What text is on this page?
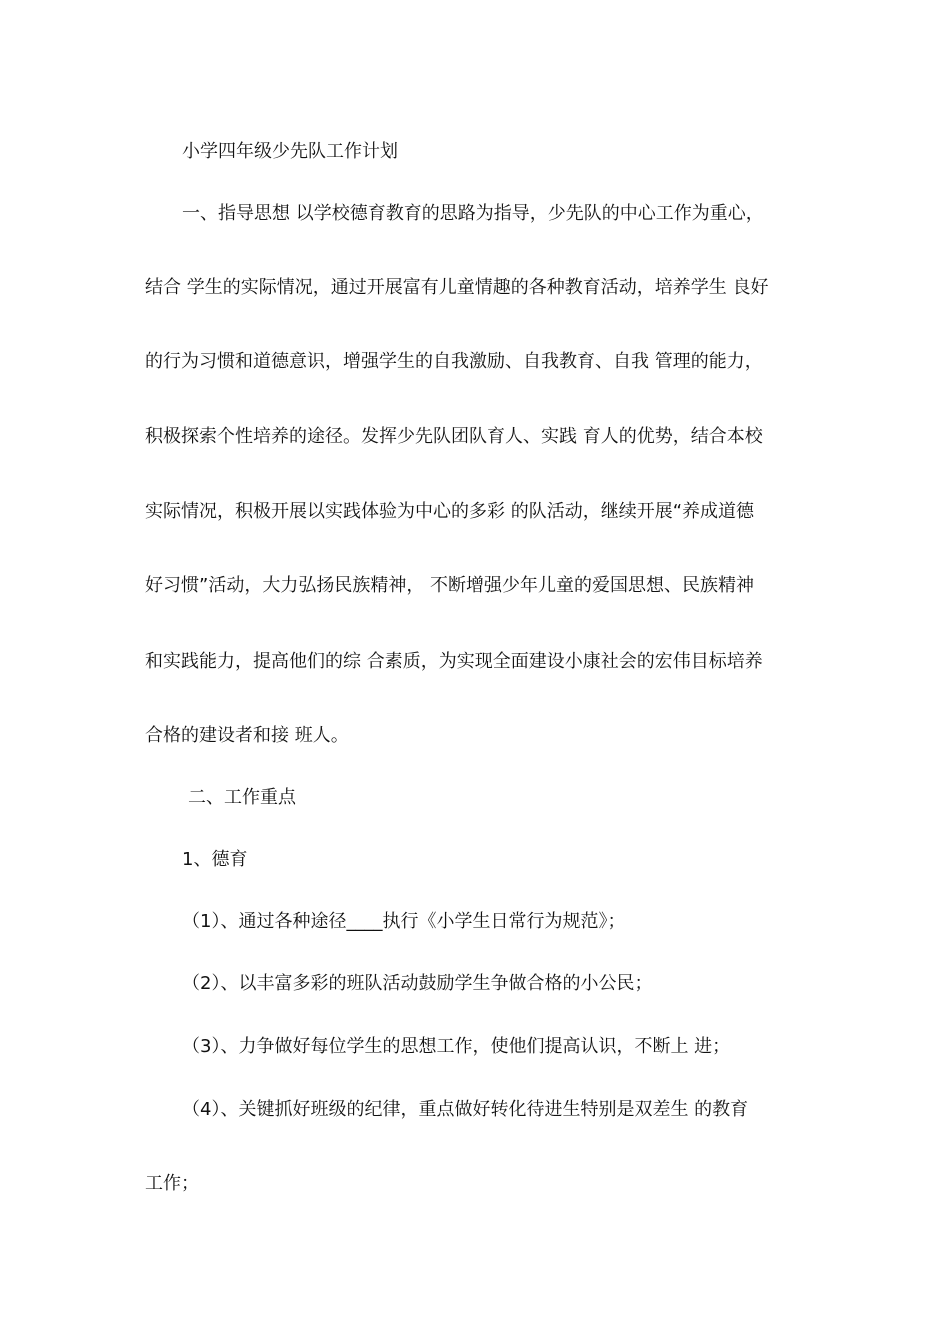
小学四年级少先队工作计划
一、指导思想 以学校德育教育的思路为指导，少先队的中心工作为重心，
结合 学生的实际情况，通过开展富有儿童情趣的各种教育活动，培养学生 良好
的行为习惯和道德意识，增强学生的自我激励、自我教育、自我 管理的能力，
积极探索个性培养的途径。发挥少先队团队育人、实践 育人的优势，结合本校
实际情况，积极开展以实践体验为中心的多彩 的队活动，继续开展“养成道德
好习惯”活动，大力弘扬民族精神， 不断增强少年儿童的爱国思想、民族精神
和实践能力，提高他们的综 合素质，为实现全面建设小康社会的宏伟目标培养
合格的建设者和接 班人。
二、工作重点
1、德育
（1）、通过各种途径____执行《小学生日常行为规范》；
（2）、以丰富多彩的班队活动鼓励学生争做合格的小公民；
（3）、力争做好每位学生的思想工作，使他们提高认识，不断上 进；
（4）、关键抓好班级的纪律，重点做好转化待进生特别是双差生 的教育
工作；
